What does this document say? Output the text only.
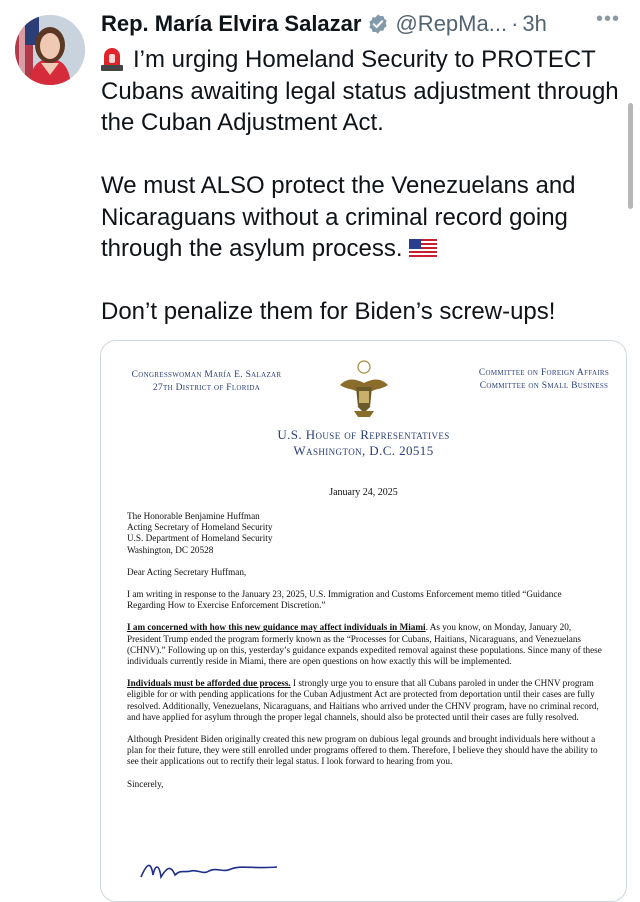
Rep. María Elvira Salazar @RepMa... · 3h •••

I’m urging Homeland Security to PROTECT Cubans awaiting legal status adjustment through the Cuban Adjustment Act.

We must ALSO protect the Venezuelans and Nicaraguans without a criminal record going through the asylum process.

Don’t penalize them for Biden’s screw-ups!

Congresswoman María E. Salazar
27th District of Florida
Committee on Foreign Affairs
Committee on Small Business
U.S. House of Representatives
Washington, D.C. 20515
January 24, 2025
The Honorable Benjamine Huffman
Acting Secretary of Homeland Security
U.S. Department of Homeland Security
Washington, DC 20528

Dear Acting Secretary Huffman,

I am writing in response to the January 23, 2025, U.S. Immigration and Customs Enforcement memo titled “Guidance Regarding How to Exercise Enforcement Discretion.”

I am concerned with how this new guidance may affect individuals in Miami. As you know, on Monday, January 20, President Trump ended the program formerly known as the “Processes for Cubans, Haitians, Nicaraguans, and Venezuelans (CHNV).” Following up on this, yesterday’s guidance expands expedited removal against these populations. Since many of these individuals currently reside in Miami, there are open questions on how exactly this will be implemented.

Individuals must be afforded due process. I strongly urge you to ensure that all Cubans paroled in under the CHNV program eligible for or with pending applications for the Cuban Adjustment Act are protected from deportation until their cases are fully resolved. Additionally, Venezuelans, Nicaraguans, and Haitians who arrived under the CHNV program, have no criminal record, and have applied for asylum through the proper legal channels, should also be protected until their cases are fully resolved.

Although President Biden originally created this new program on dubious legal grounds and brought individuals here without a plan for their future, they were still enrolled under programs offered to them. Therefore, I believe they should have the ability to see their applications out to rectify their legal status. I look forward to hearing from you.

Sincerely,
